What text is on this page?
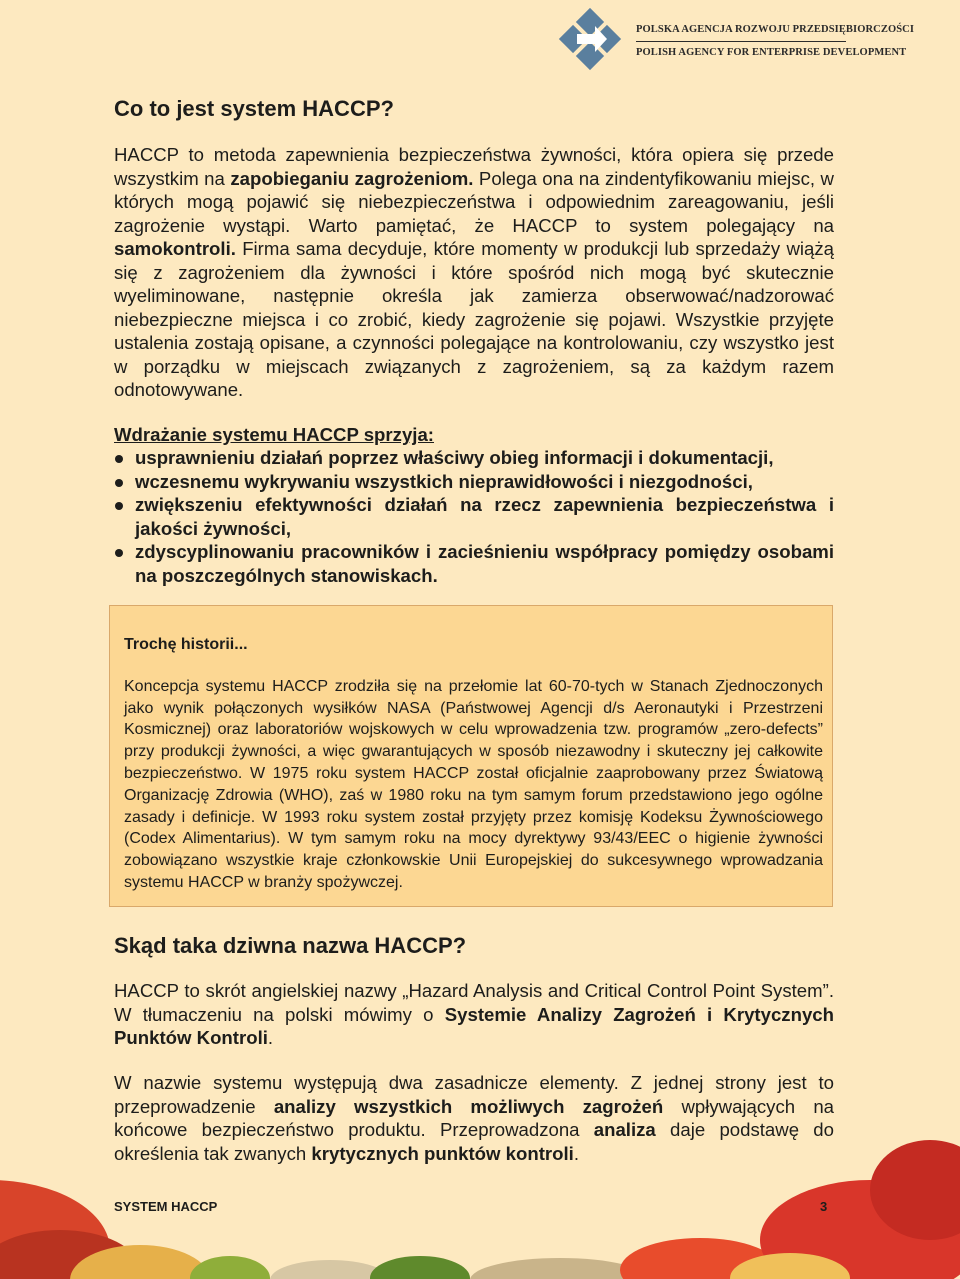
POLSKA AGENCJA ROZWOJU PRZEDSIĘBIORCZOŚCI
POLISH AGENCY FOR ENTERPRISE DEVELOPMENT
Co to jest system HACCP?

HACCP to metoda zapewnienia bezpieczeństwa żywności, która opiera się przede wszystkim na zapobieganiu zagrożeniom. Polega ona na zindentyfikowaniu miejsc, w których mogą pojawić się niebezpieczeństwa i odpowiednim zareagowaniu, jeśli zagrożenie wystąpi. Warto pamiętać, że HACCP to system polegający na samokontroli. Firma sama decyduje, które momenty w produkcji lub sprzedaży wiążą się z zagrożeniem dla żywności i które spośród nich mogą być skutecznie wyeliminowane, następnie określa jak zamierza obserwować/nadzorować niebezpieczne miejsca i co zrobić, kiedy zagrożenie się pojawi. Wszystkie przyjęte ustalenia zostają opisane, a czynności polegające na kontrolowaniu, czy wszystko jest w porządku w miejscach związanych z zagrożeniem, są za każdym razem odnotowywane.

Wdrażanie systemu HACCP sprzyja:

usprawnieniu działań poprzez właściwy obieg informacji i dokumentacji,
wczesnemu wykrywaniu wszystkich nieprawidłowości i niezgodności,
zwiększeniu efektywności działań na rzecz zapewnienia bezpieczeństwa i jakości żywności,
zdyscyplinowaniu pracowników i zacieśnieniu współpracy pomiędzy osobami na poszczególnych stanowiskach.
Skąd taka dziwna nazwa HACCP?

HACCP to skrót angielskiej nazwy „Hazard Analysis and Critical Control Point System”. W tłumaczeniu na polski mówimy o Systemie Analizy Zagrożeń i Krytycznych Punktów Kontroli.

W nazwie systemu występują dwa zasadnicze elementy. Z jednej strony jest to przeprowadzenie analizy wszystkich możliwych zagrożeń wpływających na końcowe bezpieczeństwo produktu. Przeprowadzona analiza daje podstawę do określenia tak zwanych krytycznych punktów kontroli.

Trochę historii...

Koncepcja systemu HACCP zrodziła się na przełomie lat 60-70-tych w Stanach Zjednoczonych jako wynik połączonych wysiłków NASA (Państwowej Agencji d/s Aeronautyki i Przestrzeni Kosmicznej) oraz laboratoriów wojskowych w celu wprowadzenia tzw. programów „zero-defects” przy produkcji żywności, a więc gwarantujących w sposób niezawodny i skuteczny jej całkowite bezpieczeństwo. W 1975 roku system HACCP został oficjalnie zaaprobowany przez Światową Organizację Zdrowia (WHO), zaś w 1980 roku na tym samym forum przedstawiono jego ogólne zasady i definicje. W 1993 roku system został przyjęty przez komisję Kodeksu Żywnościowego (Codex Alimentarius). W tym samym roku na mocy dyrektywy 93/43/EEC o higienie żywności zobowiązano wszystkie kraje członkowskie Unii Europejskiej do sukcesywnego wprowadzania systemu HACCP w branży spożywczej.

SYSTEM HACCP	3
